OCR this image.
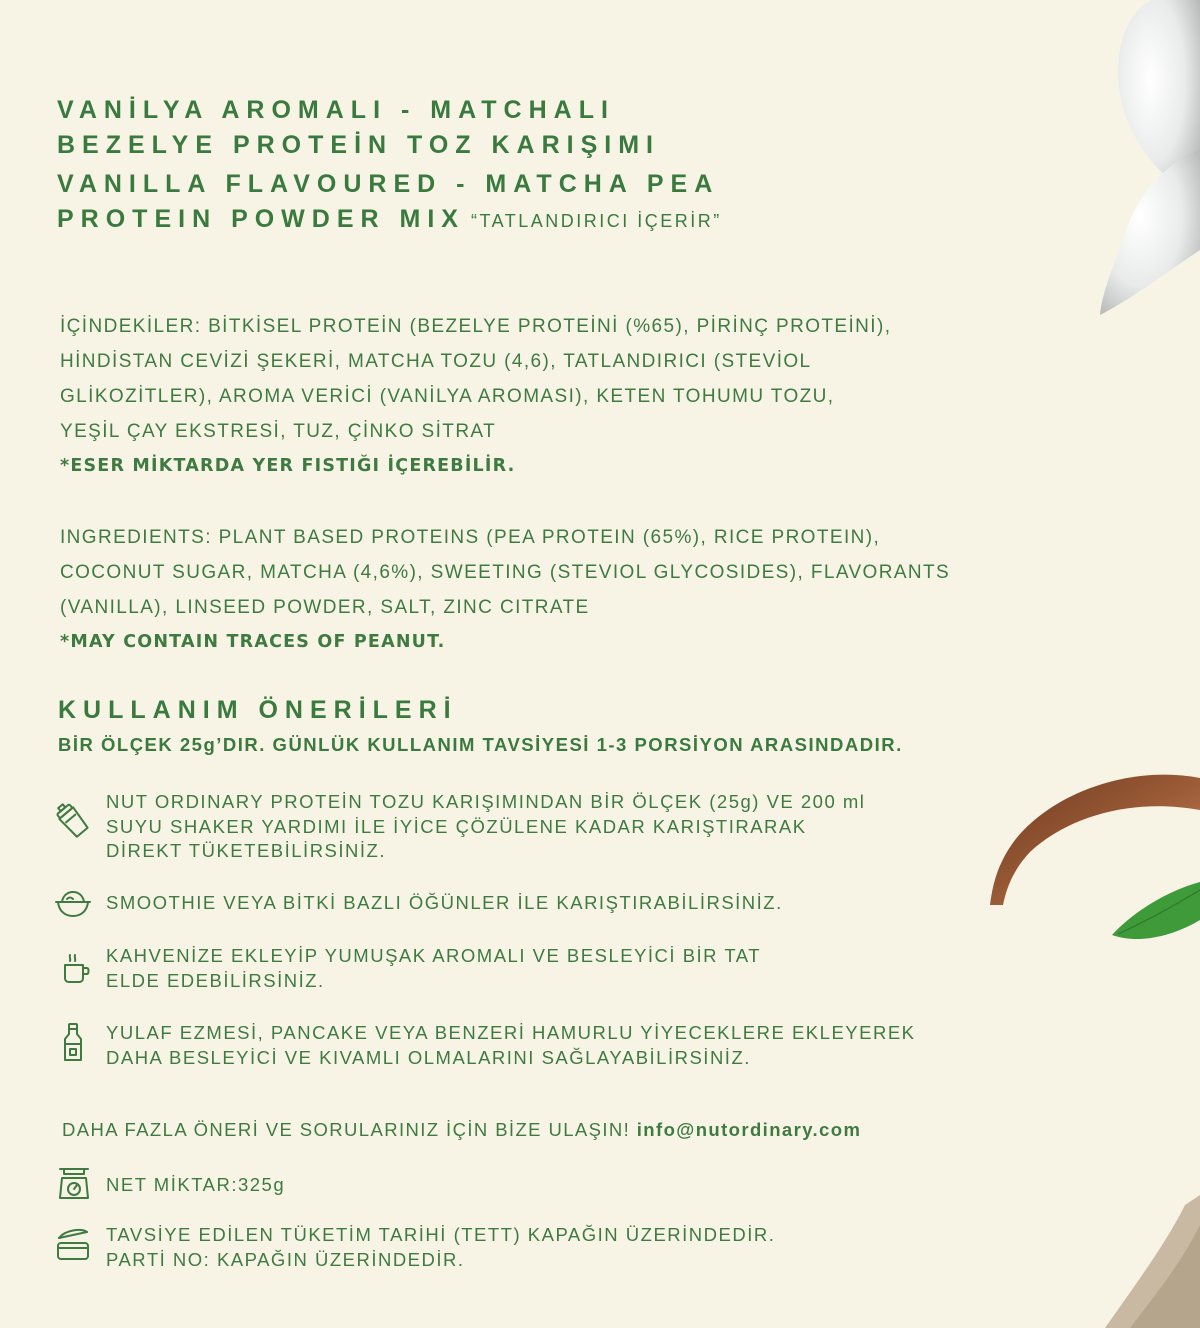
VANİLYA AROMALI - MATCHALI
BEZELYE PROTEİN TOZ KARIŞIMI
VANILLA FLAVOURED - MATCHA PEA
PROTEIN POWDER MIX “TATLANDIRICI İÇERİR”
İÇİNDEKİLER: BİTKİSEL PROTEİN (BEZELYE PROTEİNİ (%65), PİRİNÇ PROTEİNİ),
HİNDİSTAN CEVİZİ ŞEKERİ, MATCHA TOZU (4,6), TATLANDIRICI (STEVİOL
GLİKOZİTLER), AROMA VERİCİ (VANİLYA AROMASI), KETEN TOHUMU TOZU,
YEŞİL ÇAY EKSTRESİ, TUZ, ÇİNKO SİTRAT
*ESER MİKTARDA YER FISTIĞI İÇEREBİLİR.
INGREDIENTS: PLANT BASED PROTEINS (PEA PROTEIN (65%), RICE PROTEIN),
COCONUT SUGAR, MATCHA (4,6%), SWEETING (STEVIOL GLYCOSIDES), FLAVORANTS
(VANILLA), LINSEED POWDER, SALT, ZINC CITRATE
*MAY CONTAIN TRACES OF PEANUT.
KULLANIM ÖNERİLERİ
BİR ÖLÇEK 25g’DIR. GÜNLÜK KULLANIM TAVSİYESİ 1-3 PORSİYON ARASINDADIR.
NUT ORDINARY PROTEİN TOZU KARIŞIMINDAN BİR ÖLÇEK (25g) VE 200 ml
SUYU SHAKER YARDIMI İLE İYİCE ÇÖZÜLENE KADAR KARIŞTIRARAK
DİREKT TÜKETEBİLİRSİNİZ.
SMOOTHIE VEYA BİTKİ BAZLI ÖĞÜNLER İLE KARIŞTIRABİLİRSİNİZ.
KAHVENİZE EKLEYİP YUMUŞAK AROMALI VE BESLEYİCİ BİR TAT
ELDE EDEBİLİRSİNİZ.
YULAF EZMESİ, PANCAKE VEYA BENZERİ HAMURLU YİYECEKLERE EKLEYEREK
DAHA BESLEYİCİ VE KIVAMLI OLMALARINI SAĞLAYABİLİRSİNİZ.
DAHA FAZLA ÖNERİ VE SORULARINIZ İÇİN BİZE ULAŞIN! info@nutordinary.com
NET MİKTAR:325g
TAVSİYE EDİLEN TÜKETİM TARİHİ (TETT) KAPAĞIN ÜZERİNDEDİR.
PARTİ NO: KAPAĞIN ÜZERİNDEDİR.
